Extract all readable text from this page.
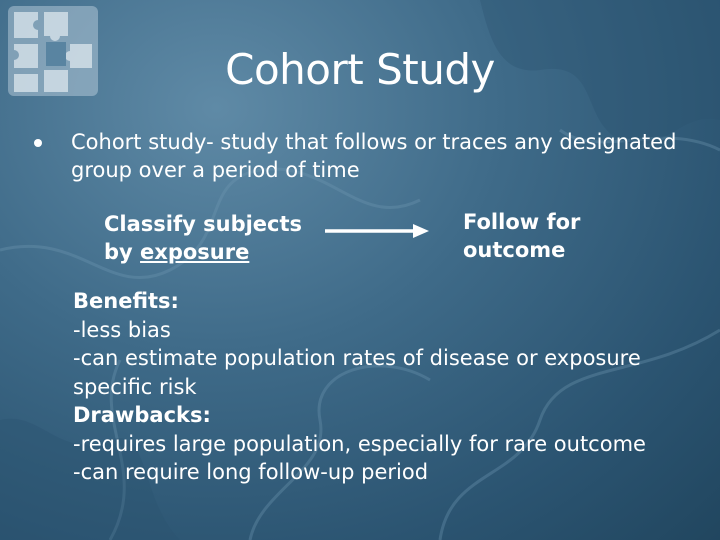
Cohort Study
Cohort study- study that follows or traces any designated
group over a period of time
Classify subjects
by exposure
Follow for
outcome
Benefits:
-less bias
-can estimate population rates of disease or exposure
specific risk
Drawbacks:
-requires large population, especially for rare outcome
-can require long follow-up period
